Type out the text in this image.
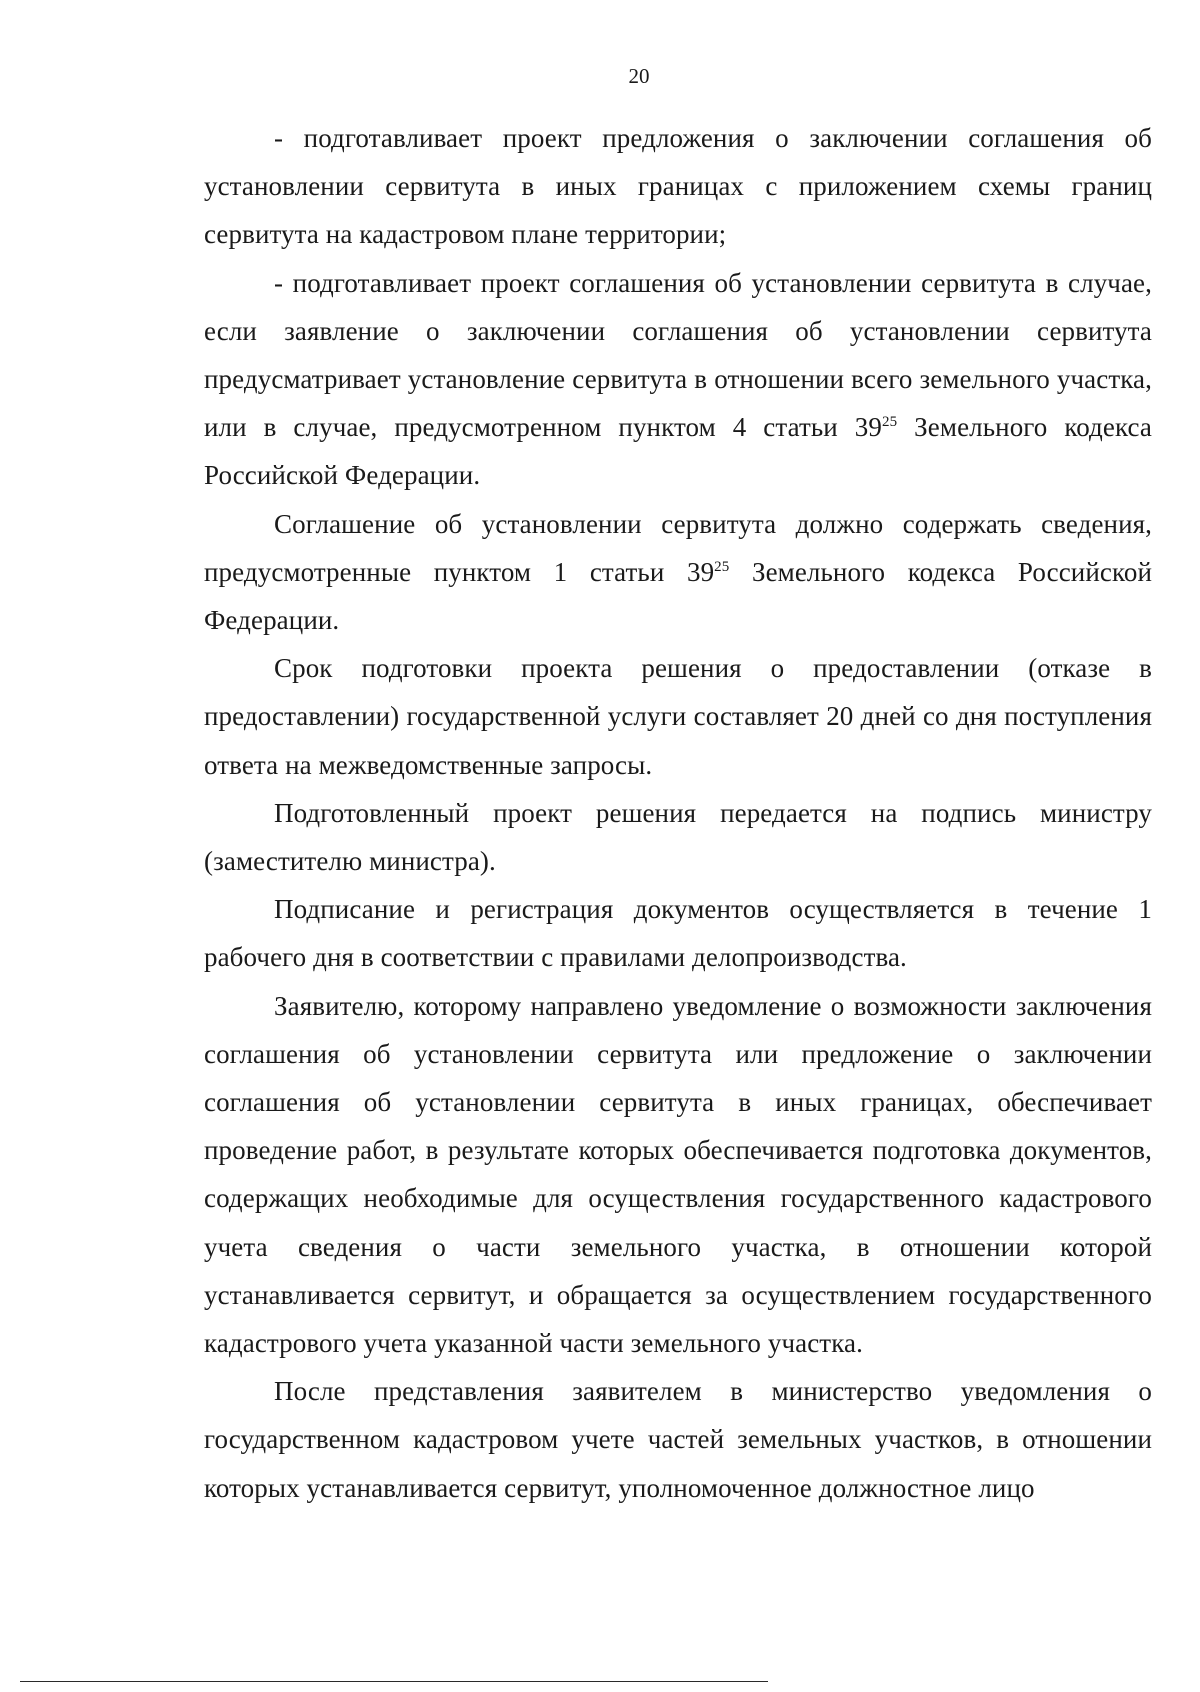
20

- подготавливает проект предложения о заключении соглашения об установлении сервитута в иных границах с приложением схемы границ сервитута на кадастровом плане территории;

- подготавливает проект соглашения об установлении сервитута в случае, если заявление о заключении соглашения об установлении сервитута предусматривает установление сервитута в отношении всего земельного участка, или в случае, предусмотренном пунктом 4 статьи $39^{25}$ Земельного кодекса Российской Федерации.

Соглашение об установлении сервитута должно содержать сведения, предусмотренные пунктом 1 статьи $39^{25}$ Земельного кодекса Российской Федерации.

Срок подготовки проекта решения о предоставлении (отказе в предоставлении) государственной услуги составляет 20 дней со дня поступления ответа на межведомственные запросы.

Подготовленный проект решения передается на подпись министру (заместителю министра).

Подписание и регистрация документов осуществляется в течение 1 рабочего дня в соответствии с правилами делопроизводства.

Заявителю, которому направлено уведомление о возможности заключения соглашения об установлении сервитута или предложение о заключении соглашения об установлении сервитута в иных границах, обеспечивает проведение работ, в результате которых обеспечивается подготовка документов, содержащих необходимые для осуществления государственного кадастрового учета сведения о части земельного участка, в отношении которой устанавливается сервитут, и обращается за осуществлением государственного кадастрового учета указанной части земельного участка.

После представления заявителем в министерство уведомления о государственном кадастровом учете частей земельных участков, в отношении которых устанавливается сервитут, уполномоченное должностное лицо
